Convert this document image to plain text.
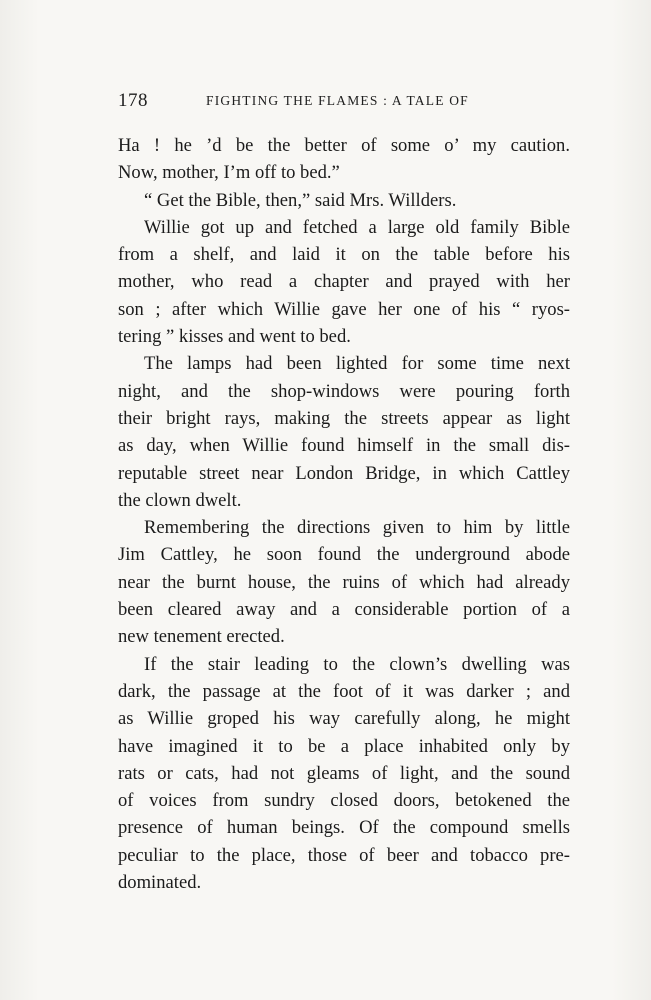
178	FIGHTING THE FLAMES : A TALE OF
Ha ! he ’d be the better of some o’ my caution.
Now, mother, I’m off to bed.”
“ Get the Bible, then,” said Mrs. Willders.
Willie got up and fetched a large old family Bible
from a shelf, and laid it on the table before his
mother, who read a chapter and prayed with her
son ; after which Willie gave her one of his “ ryos-
tering ” kisses and went to bed.
The lamps had been lighted for some time next
night, and the shop-windows were pouring forth
their bright rays, making the streets appear as light
as day, when Willie found himself in the small dis-
reputable street near London Bridge, in which Cattley
the clown dwelt.
Remembering the directions given to him by little
Jim Cattley, he soon found the underground abode
near the burnt house, the ruins of which had already
been cleared away and a considerable portion of a
new tenement erected.
If the stair leading to the clown’s dwelling was
dark, the passage at the foot of it was darker ; and
as Willie groped his way carefully along, he might
have imagined it to be a place inhabited only by
rats or cats, had not gleams of light, and the sound
of voices from sundry closed doors, betokened the
presence of human beings. Of the compound smells
peculiar to the place, those of beer and tobacco pre-
dominated.
